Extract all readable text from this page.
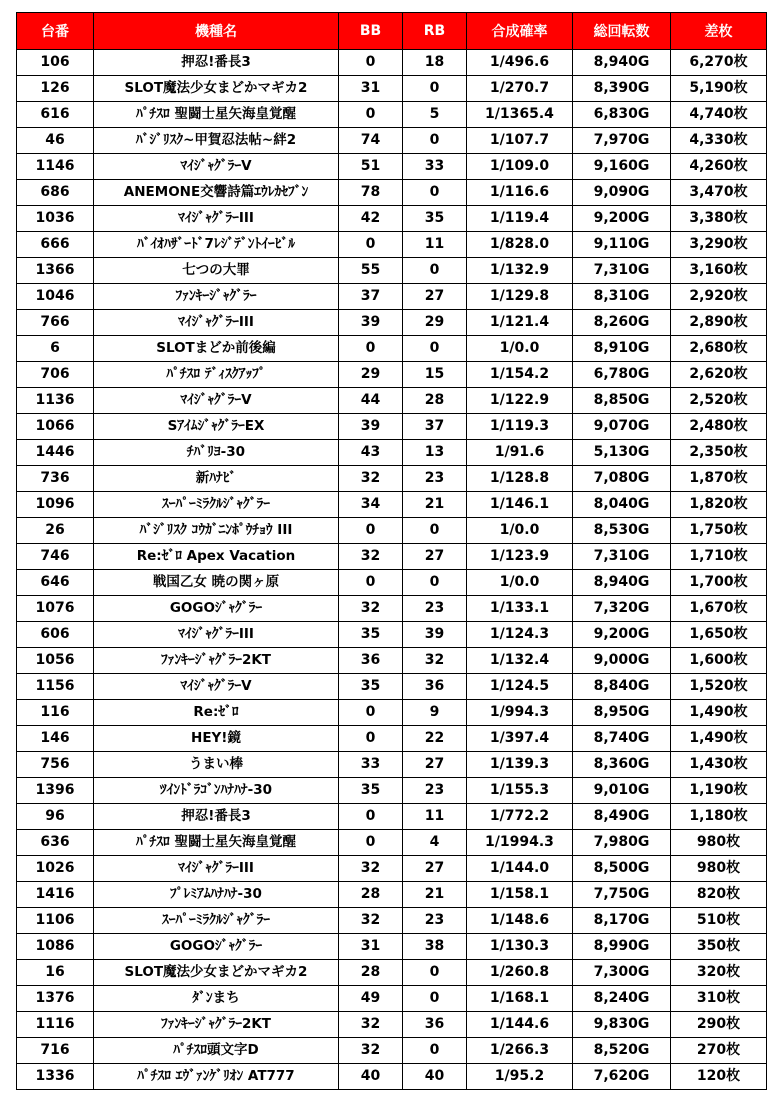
台番	機種名	BB	RB	合成確率	総回転数	差枚
106	押忍!番長3	0	18	1/496.6	8,940G	6,270枚
126	SLOT魔法少女まどかマギカ2	31	0	1/270.7	8,390G	5,190枚
616	ﾊﾟﾁｽﾛ 聖闘士星矢海皇覚醒	0	5	1/1365.4	6,830G	4,740枚
46	ﾊﾞｼﾞﾘｽｸ~甲賀忍法帖~絆2	74	0	1/107.7	7,970G	4,330枚
1146	ﾏｲｼﾞｬｸﾞﾗｰV	51	33	1/109.0	9,160G	4,260枚
686	ANEMONE交響詩篇ｴｳﾚｶｾﾌﾞﾝ	78	0	1/116.6	9,090G	3,470枚
1036	ﾏｲｼﾞｬｸﾞﾗｰIII	42	35	1/119.4	9,200G	3,380枚
666	ﾊﾞｲｵﾊｻﾞｰﾄﾞ7ﾚｼﾞﾃﾞﾝﾄｲｰﾋﾞﾙ	0	11	1/828.0	9,110G	3,290枚
1366	七つの大罪	55	0	1/132.9	7,310G	3,160枚
1046	ﾌｧﾝｷｰｼﾞｬｸﾞﾗｰ	37	27	1/129.8	8,310G	2,920枚
766	ﾏｲｼﾞｬｸﾞﾗｰIII	39	29	1/121.4	8,260G	2,890枚
6	SLOTまどか前後編	0	0	1/0.0	8,910G	2,680枚
706	ﾊﾟﾁｽﾛ ﾃﾞｨｽｸｱｯﾌﾟ	29	15	1/154.2	6,780G	2,620枚
1136	ﾏｲｼﾞｬｸﾞﾗｰV	44	28	1/122.9	8,850G	2,520枚
1066	SｱｲﾑｼﾞｬｸﾞﾗｰEX	39	37	1/119.3	9,070G	2,480枚
1446	ﾁﾊﾞﾘﾖ-30	43	13	1/91.6	5,130G	2,350枚
736	新ﾊﾅﾋﾞ	32	23	1/128.8	7,080G	1,870枚
1096	ｽｰﾊﾟｰﾐﾗｸﾙｼﾞｬｸﾞﾗｰ	34	21	1/146.1	8,040G	1,820枚
26	ﾊﾞｼﾞﾘｽｸ ｺｳｶﾞﾆﾝﾎﾟｳﾁｮｳ III	0	0	1/0.0	8,530G	1,750枚
746	Re:ｾﾞﾛ Apex Vacation	32	27	1/123.9	7,310G	1,710枚
646	戦国乙女 暁の関ヶ原	0	0	1/0.0	8,940G	1,700枚
1076	GOGOｼﾞｬｸﾞﾗｰ	32	23	1/133.1	7,320G	1,670枚
606	ﾏｲｼﾞｬｸﾞﾗｰIII	35	39	1/124.3	9,200G	1,650枚
1056	ﾌｧﾝｷｰｼﾞｬｸﾞﾗｰ2KT	36	32	1/132.4	9,000G	1,600枚
1156	ﾏｲｼﾞｬｸﾞﾗｰV	35	36	1/124.5	8,840G	1,520枚
116	Re:ｾﾞﾛ	0	9	1/994.3	8,950G	1,490枚
146	HEY!鏡	0	22	1/397.4	8,740G	1,490枚
756	うまい棒	33	27	1/139.3	8,360G	1,430枚
1396	ﾂｲﾝﾄﾞﾗｺﾞﾝﾊﾅﾊﾅ-30	35	23	1/155.3	9,010G	1,190枚
96	押忍!番長3	0	11	1/772.2	8,490G	1,180枚
636	ﾊﾟﾁｽﾛ 聖闘士星矢海皇覚醒	0	4	1/1994.3	7,980G	980枚
1026	ﾏｲｼﾞｬｸﾞﾗｰIII	32	27	1/144.0	8,500G	980枚
1416	ﾌﾟﾚﾐｱﾑﾊﾅﾊﾅ-30	28	21	1/158.1	7,750G	820枚
1106	ｽｰﾊﾟｰﾐﾗｸﾙｼﾞｬｸﾞﾗｰ	32	23	1/148.6	8,170G	510枚
1086	GOGOｼﾞｬｸﾞﾗｰ	31	38	1/130.3	8,990G	350枚
16	SLOT魔法少女まどかマギカ2	28	0	1/260.8	7,300G	320枚
1376	ﾀﾞﾝまち	49	0	1/168.1	8,240G	310枚
1116	ﾌｧﾝｷｰｼﾞｬｸﾞﾗｰ2KT	32	36	1/144.6	9,830G	290枚
716	ﾊﾟﾁｽﾛ頭文字D	32	0	1/266.3	8,520G	270枚
1336	ﾊﾟﾁｽﾛ ｴｳﾞｧﾝｹﾞﾘｵﾝ AT777	40	40	1/95.2	7,620G	120枚
